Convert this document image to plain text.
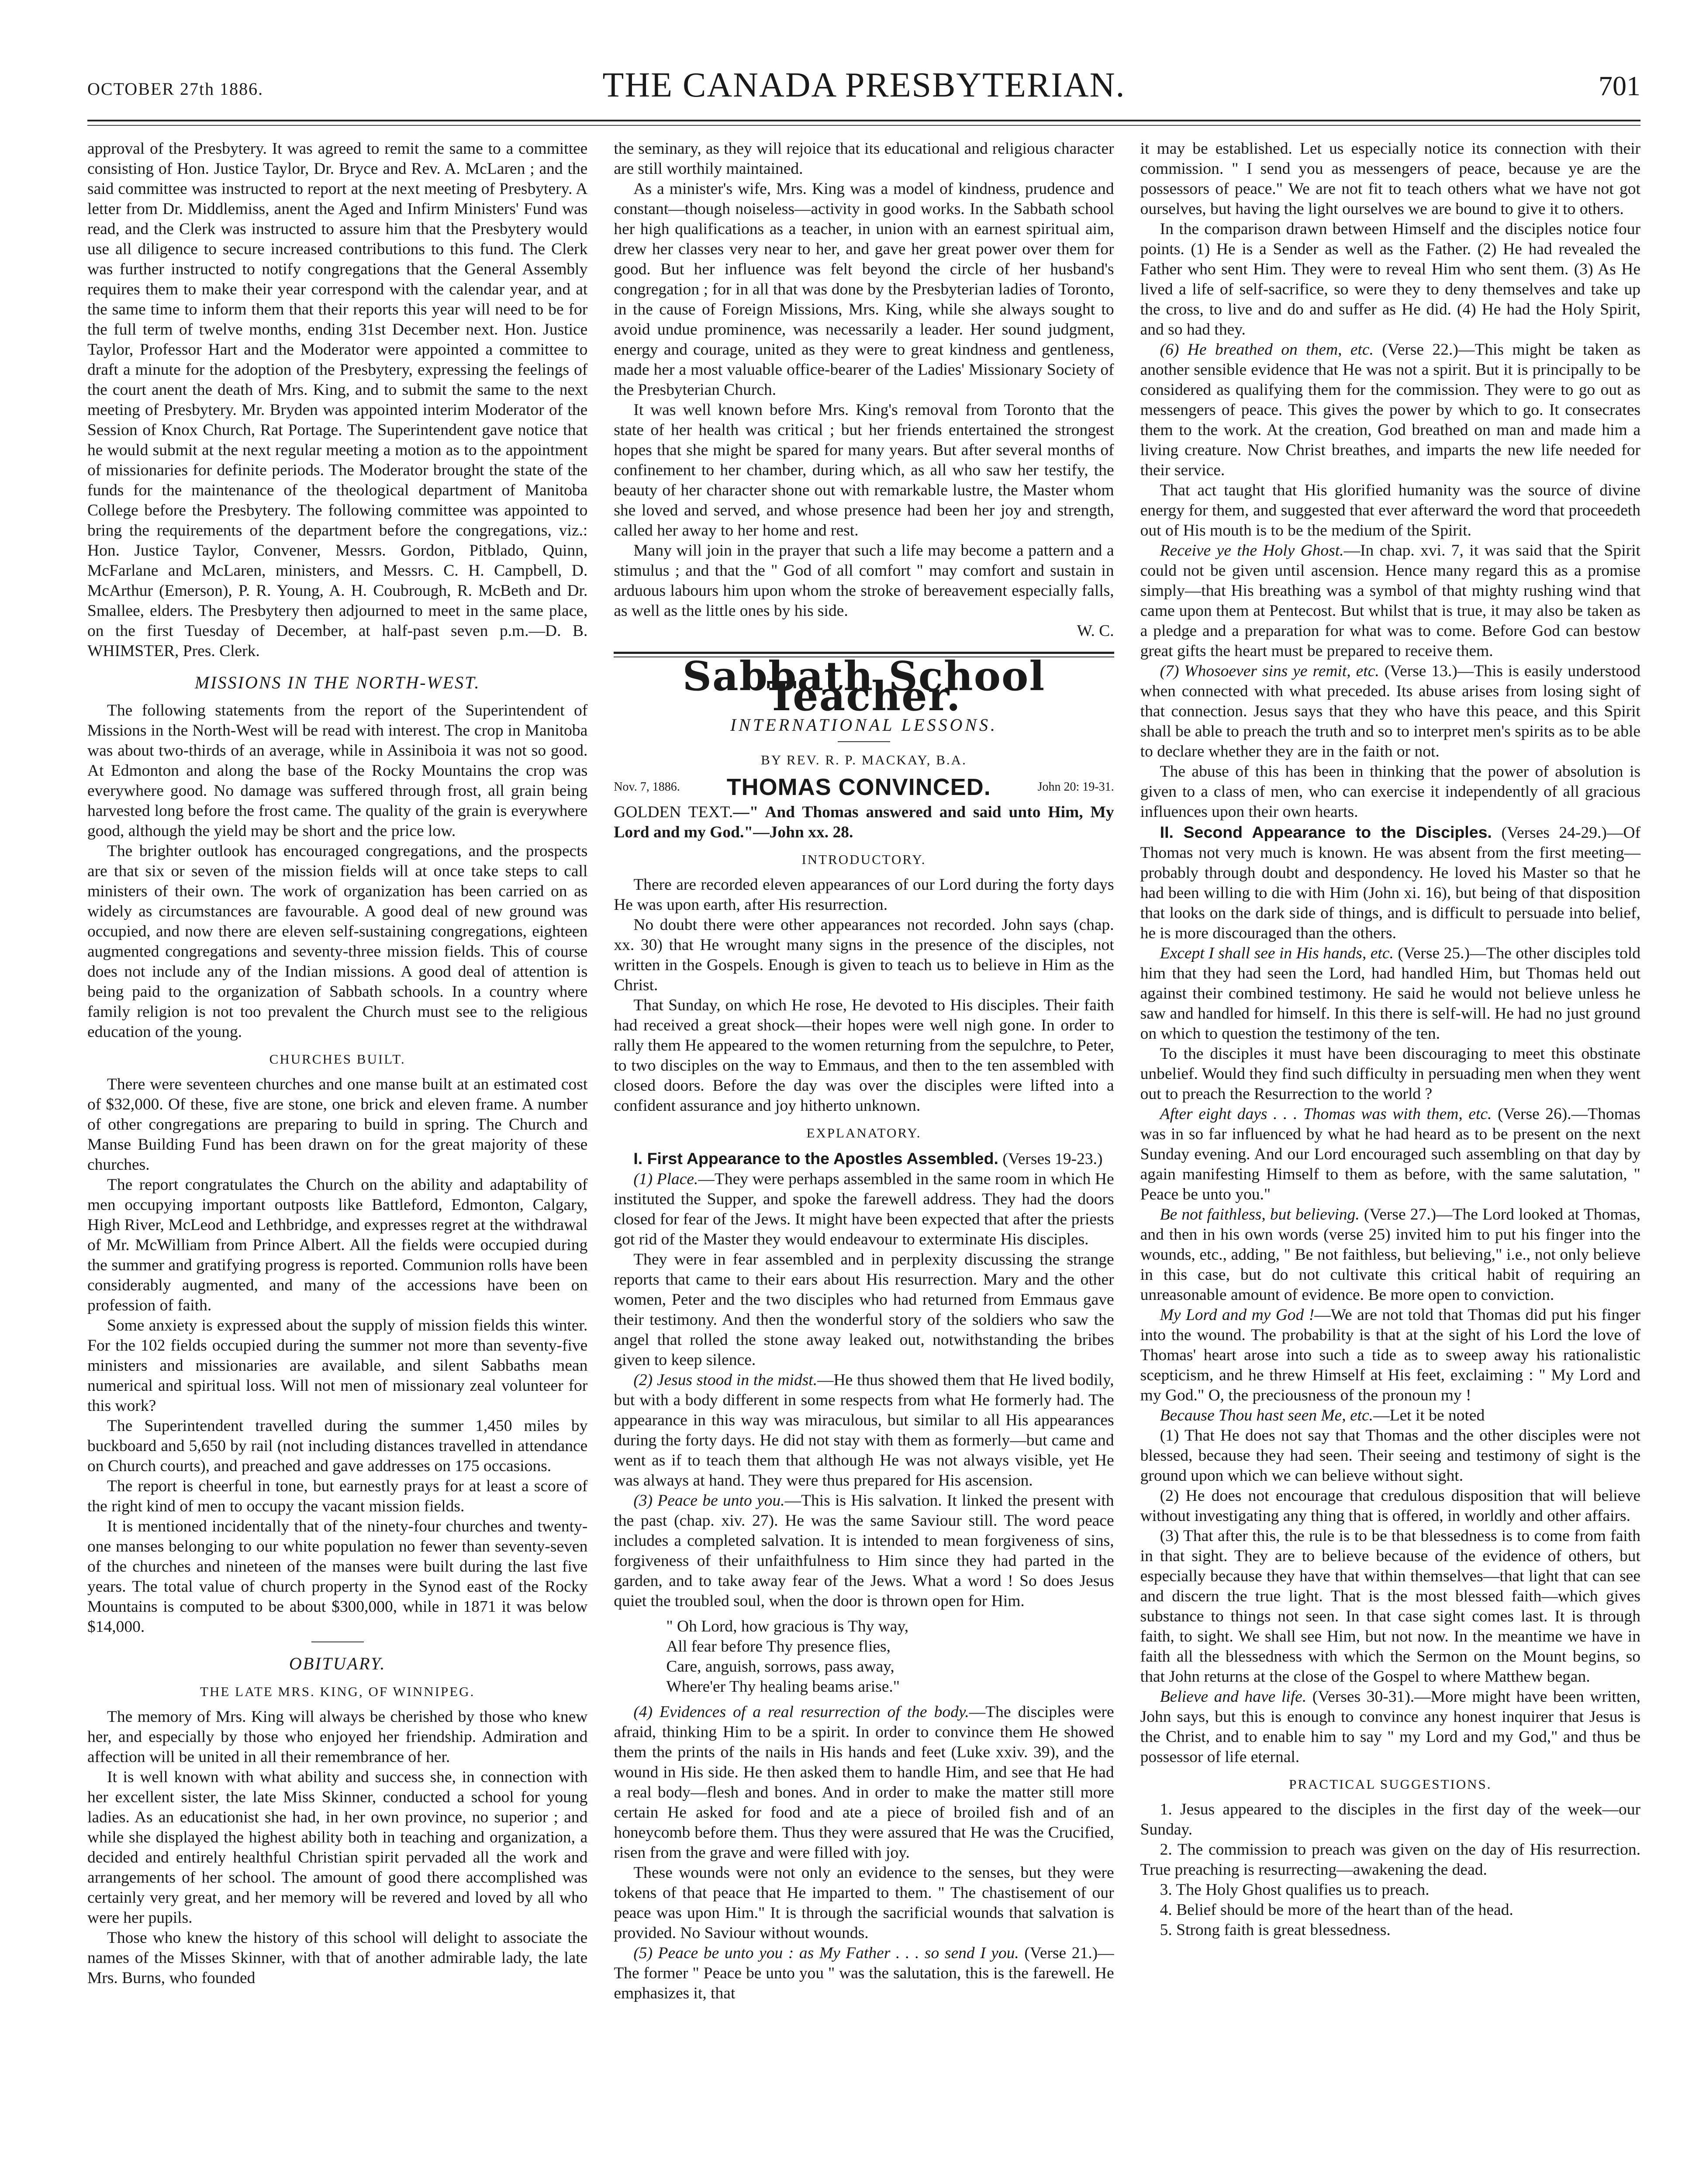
OCTOBER 27th 1886.	THE CANADA PRESBYTERIAN.	701

approval of the Presbytery. It was agreed to remit the same to a committee consisting of Hon. Justice Taylor, Dr. Bryce and Rev. A. McLaren ; and the said committee was instructed to report at the next meeting of Presbytery. A letter from Dr. Middlemiss, anent the Aged and Infirm Ministers' Fund was read, and the Clerk was instructed to assure him that the Presbytery would use all diligence to secure increased contributions to this fund. The Clerk was further instructed to notify congregations that the General Assembly requires them to make their year correspond with the calendar year, and at the same time to inform them that their reports this year will need to be for the full term of twelve months, ending 31st December next. Hon. Justice Taylor, Professor Hart and the Moderator were appointed a committee to draft a minute for the adoption of the Presbytery, expressing the feelings of the court anent the death of Mrs. King, and to submit the same to the next meeting of Presbytery. Mr. Bryden was appointed interim Moderator of the Session of Knox Church, Rat Portage. The Superintendent gave notice that he would submit at the next regular meeting a motion as to the appointment of missionaries for definite periods. The Moderator brought the state of the funds for the maintenance of the theological department of Manitoba College before the Presbytery. The following committee was appointed to bring the requirements of the department before the congregations, viz.: Hon. Justice Taylor, Convener, Messrs. Gordon, Pitblado, Quinn, McFarlane and McLaren, ministers, and Messrs. C. H. Campbell, D. McArthur (Emerson), P. R. Young, A. H. Coubrough, R. McBeth and Dr. Smallee, elders. The Presbytery then adjourned to meet in the same place, on the first Tuesday of December, at half-past seven p.m.—D. B. WHIMSTER, Pres. Clerk.

MISSIONS IN THE NORTH-WEST.

The following statements from the report of the Superintendent of Missions in the North-West will be read with interest. The crop in Manitoba was about two-thirds of an average, while in Assiniboia it was not so good. At Edmonton and along the base of the Rocky Mountains the crop was everywhere good. No damage was suffered through frost, all grain being harvested long before the frost came. The quality of the grain is everywhere good, although the yield may be short and the price low.

The brighter outlook has encouraged congregations, and the prospects are that six or seven of the mission fields will at once take steps to call ministers of their own. The work of organization has been carried on as widely as circumstances are favourable. A good deal of new ground was occupied, and now there are eleven self-sustaining congregations, eighteen augmented congregations and seventy-three mission fields. This of course does not include any of the Indian missions. A good deal of attention is being paid to the organization of Sabbath schools. In a country where family religion is not too prevalent the Church must see to the religious education of the young.

CHURCHES BUILT.

There were seventeen churches and one manse built at an estimated cost of $32,000. Of these, five are stone, one brick and eleven frame. A number of other congregations are preparing to build in spring. The Church and Manse Building Fund has been drawn on for the great majority of these churches.

The report congratulates the Church on the ability and adaptability of men occupying important outposts like Battleford, Edmonton, Calgary, High River, McLeod and Lethbridge, and expresses regret at the withdrawal of Mr. McWilliam from Prince Albert. All the fields were occupied during the summer and gratifying progress is reported. Communion rolls have been considerably augmented, and many of the accessions have been on profession of faith.

Some anxiety is expressed about the supply of mission fields this winter. For the 102 fields occupied during the summer not more than seventy-five ministers and missionaries are available, and silent Sabbaths mean numerical and spiritual loss. Will not men of missionary zeal volunteer for this work?

The Superintendent travelled during the summer 1,450 miles by buckboard and 5,650 by rail (not including distances travelled in attendance on Church courts), and preached and gave addresses on 175 occasions.

The report is cheerful in tone, but earnestly prays for at least a score of the right kind of men to occupy the vacant mission fields.

It is mentioned incidentally that of the ninety-four churches and twenty-one manses belonging to our white population no fewer than seventy-seven of the churches and nineteen of the manses were built during the last five years. The total value of church property in the Synod east of the Rocky Mountains is computed to be about $300,000, while in 1871 it was below $14,000.

OBITUARY.
THE LATE MRS. KING, OF WINNIPEG.

The memory of Mrs. King will always be cherished by those who knew her, and especially by those who enjoyed her friendship. Admiration and affection will be united in all their remembrance of her.

It is well known with what ability and success she, in connection with her excellent sister, the late Miss Skinner, conducted a school for young ladies. As an educationist she had, in her own province, no superior ; and while she displayed the highest ability both in teaching and organization, a decided and entirely healthful Christian spirit pervaded all the work and arrangements of her school. The amount of good there accomplished was certainly very great, and her memory will be revered and loved by all who were her pupils.

Those who knew the history of this school will delight to associate the names of the Misses Skinner, with that of another admirable lady, the late Mrs. Burns, who founded

the seminary, as they will rejoice that its educational and religious character are still worthily maintained.

As a minister's wife, Mrs. King was a model of kindness, prudence and constant—though noiseless—activity in good works. In the Sabbath school her high qualifications as a teacher, in union with an earnest spiritual aim, drew her classes very near to her, and gave her great power over them for good. But her influence was felt beyond the circle of her husband's congregation ; for in all that was done by the Presbyterian ladies of Toronto, in the cause of Foreign Missions, Mrs. King, while she always sought to avoid undue prominence, was necessarily a leader. Her sound judgment, energy and courage, united as they were to great kindness and gentleness, made her a most valuable office-bearer of the Ladies' Missionary Society of the Presbyterian Church.

It was well known before Mrs. King's removal from Toronto that the state of her health was critical ; but her friends entertained the strongest hopes that she might be spared for many years. But after several months of confinement to her chamber, during which, as all who saw her testify, the beauty of her character shone out with remarkable lustre, the Master whom she loved and served, and whose presence had been her joy and strength, called her away to her home and rest.

Many will join in the prayer that such a life may become a pattern and a stimulus ; and that the " God of all comfort " may comfort and sustain in arduous labours him upon whom the stroke of bereavement especially falls, as well as the little ones by his side.

W. C.
Sabbath School Teacher.
INTERNATIONAL LESSONS.
BY REV. R. P. MACKAY, B.A.
Nov. 7, 1886. THOMAS CONVINCED.	John 20: 19-31.

GOLDEN TEXT.—" And Thomas answered and said unto Him, My Lord and my God."—John xx. 28.

INTRODUCTORY.

There are recorded eleven appearances of our Lord during the forty days He was upon earth, after His resurrection.

No doubt there were other appearances not recorded. John says (chap. xx. 30) that He wrought many signs in the presence of the disciples, not written in the Gospels. Enough is given to teach us to believe in Him as the Christ.

That Sunday, on which He rose, He devoted to His disciples. Their faith had received a great shock—their hopes were well nigh gone. In order to rally them He appeared to the women returning from the sepulchre, to Peter, to two disciples on the way to Emmaus, and then to the ten assembled with closed doors. Before the day was over the disciples were lifted into a confident assurance and joy hitherto unknown.

EXPLANATORY.

I. First Appearance to the Apostles Assembled. (Verses 19-23.)

(1) Place.—They were perhaps assembled in the same room in which He instituted the Supper, and spoke the farewell address. They had the doors closed for fear of the Jews. It might have been expected that after the priests got rid of the Master they would endeavour to exterminate His disciples.

They were in fear assembled and in perplexity discussing the strange reports that came to their ears about His resurrection. Mary and the other women, Peter and the two disciples who had returned from Emmaus gave their testimony. And then the wonderful story of the soldiers who saw the angel that rolled the stone away leaked out, notwithstanding the bribes given to keep silence.

(2) Jesus stood in the midst.—He thus showed them that He lived bodily, but with a body different in some respects from what He formerly had. The appearance in this way was miraculous, but similar to all His appearances during the forty days. He did not stay with them as formerly—but came and went as if to teach them that although He was not always visible, yet He was always at hand. They were thus prepared for His ascension.

(3) Peace be unto you.—This is His salvation. It linked the present with the past (chap. xiv. 27). He was the same Saviour still. The word peace includes a completed salvation. It is intended to mean forgiveness of sins, forgiveness of their unfaithfulness to Him since they had parted in the garden, and to take away fear of the Jews. What a word ! So does Jesus quiet the troubled soul, when the door is thrown open for Him.

" Oh Lord, how gracious is Thy way,
All fear before Thy presence flies,
Care, anguish, sorrows, pass away,
Where'er Thy healing beams arise."

(4) Evidences of a real resurrection of the body.—The disciples were afraid, thinking Him to be a spirit. In order to convince them He showed them the prints of the nails in His hands and feet (Luke xxiv. 39), and the wound in His side. He then asked them to handle Him, and see that He had a real body—flesh and bones. And in order to make the matter still more certain He asked for food and ate a piece of broiled fish and of an honeycomb before them. Thus they were assured that He was the Crucified, risen from the grave and were filled with joy.

These wounds were not only an evidence to the senses, but they were tokens of that peace that He imparted to them. " The chastisement of our peace was upon Him." It is through the sacrificial wounds that salvation is provided. No Saviour without wounds.

(5) Peace be unto you : as My Father . . . so send I you. (Verse 21.)—The former " Peace be unto you " was the salutation, this is the farewell. He emphasizes it, that

it may be established. Let us especially notice its connection with their commission. " I send you as messengers of peace, because ye are the possessors of peace." We are not fit to teach others what we have not got ourselves, but having the light ourselves we are bound to give it to others.

In the comparison drawn between Himself and the disciples notice four points. (1) He is a Sender as well as the Father. (2) He had revealed the Father who sent Him. They were to reveal Him who sent them. (3) As He lived a life of self-sacrifice, so were they to deny themselves and take up the cross, to live and do and suffer as He did. (4) He had the Holy Spirit, and so had they.

(6) He breathed on them, etc. (Verse 22.)—This might be taken as another sensible evidence that He was not a spirit. But it is principally to be considered as qualifying them for the commission. They were to go out as messengers of peace. This gives the power by which to go. It consecrates them to the work. At the creation, God breathed on man and made him a living creature. Now Christ breathes, and imparts the new life needed for their service.

That act taught that His glorified humanity was the source of divine energy for them, and suggested that ever afterward the word that proceedeth out of His mouth is to be the medium of the Spirit.

Receive ye the Holy Ghost.—In chap. xvi. 7, it was said that the Spirit could not be given until ascension. Hence many regard this as a promise simply—that His breathing was a symbol of that mighty rushing wind that came upon them at Pentecost. But whilst that is true, it may also be taken as a pledge and a preparation for what was to come. Before God can bestow great gifts the heart must be prepared to receive them.

(7) Whosoever sins ye remit, etc. (Verse 13.)—This is easily understood when connected with what preceded. Its abuse arises from losing sight of that connection. Jesus says that they who have this peace, and this Spirit shall be able to preach the truth and so to interpret men's spirits as to be able to declare whether they are in the faith or not.

The abuse of this has been in thinking that the power of absolution is given to a class of men, who can exercise it independently of all gracious influences upon their own hearts.

II. Second Appearance to the Disciples. (Verses 24-29.)—Of Thomas not very much is known. He was absent from the first meeting—probably through doubt and despondency. He loved his Master so that he had been willing to die with Him (John xi. 16), but being of that disposition that looks on the dark side of things, and is difficult to persuade into belief, he is more discouraged than the others.

Except I shall see in His hands, etc. (Verse 25.)—The other disciples told him that they had seen the Lord, had handled Him, but Thomas held out against their combined testimony. He said he would not believe unless he saw and handled for himself. In this there is self-will. He had no just ground on which to question the testimony of the ten.

To the disciples it must have been discouraging to meet this obstinate unbelief. Would they find such difficulty in persuading men when they went out to preach the Resurrection to the world ?

After eight days . . . Thomas was with them, etc. (Verse 26).—Thomas was in so far influenced by what he had heard as to be present on the next Sunday evening. And our Lord encouraged such assembling on that day by again manifesting Himself to them as before, with the same salutation, " Peace be unto you."

Be not faithless, but believing. (Verse 27.)—The Lord looked at Thomas, and then in his own words (verse 25) invited him to put his finger into the wounds, etc., adding, " Be not faithless, but believing," i.e., not only believe in this case, but do not cultivate this critical habit of requiring an unreasonable amount of evidence. Be more open to conviction.

My Lord and my God !—We are not told that Thomas did put his finger into the wound. The probability is that at the sight of his Lord the love of Thomas' heart arose into such a tide as to sweep away his rationalistic scepticism, and he threw Himself at His feet, exclaiming : " My Lord and my God." O, the preciousness of the pronoun my !

Because Thou hast seen Me, etc.—Let it be noted

(1) That He does not say that Thomas and the other disciples were not blessed, because they had seen. Their seeing and testimony of sight is the ground upon which we can believe without sight.

(2) He does not encourage that credulous disposition that will believe without investigating any thing that is offered, in worldly and other affairs.

(3) That after this, the rule is to be that blessedness is to come from faith in that sight. They are to believe because of the evidence of others, but especially because they have that within themselves—that light that can see and discern the true light. That is the most blessed faith—which gives substance to things not seen. In that case sight comes last. It is through faith, to sight. We shall see Him, but not now. In the meantime we have in faith all the blessedness with which the Sermon on the Mount begins, so that John returns at the close of the Gospel to where Matthew began.

Believe and have life. (Verses 30-31).—More might have been written, John says, but this is enough to convince any honest inquirer that Jesus is the Christ, and to enable him to say " my Lord and my God," and thus be possessor of life eternal.

PRACTICAL SUGGESTIONS.

1. Jesus appeared to the disciples in the first day of the week—our Sunday.

2. The commission to preach was given on the day of His resurrection. True preaching is resurrecting—awakening the dead.

3. The Holy Ghost qualifies us to preach.

4. Belief should be more of the heart than of the head.

5. Strong faith is great blessedness.
